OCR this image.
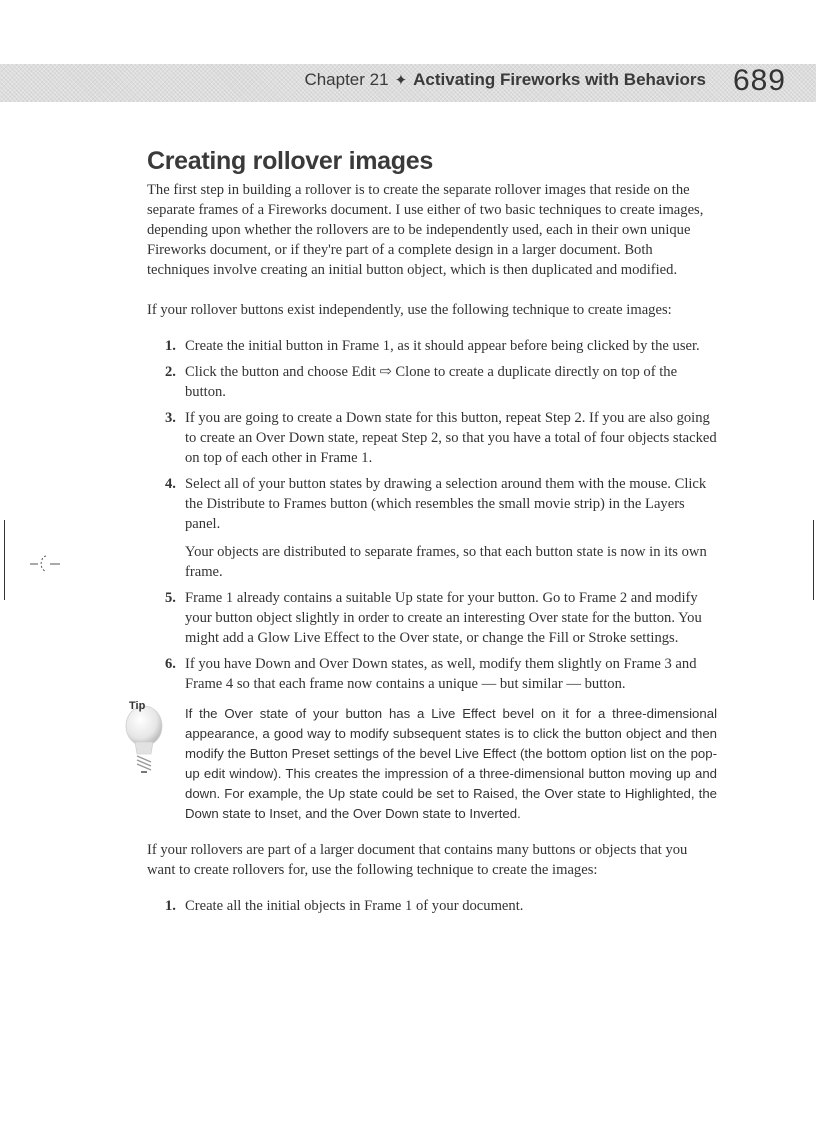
Chapter 21 ✦ Activating Fireworks with Behaviors 689
Creating rollover images

The first step in building a rollover is to create the separate rollover images that reside on the separate frames of a Fireworks document. I use either of two basic techniques to create images, depending upon whether the rollovers are to be independently used, each in their own unique Fireworks document, or if they're part of a complete design in a larger document. Both techniques involve creating an initial button object, which is then duplicated and modified.

If your rollover buttons exist independently, use the following technique to create images:

1. Create the initial button in Frame 1, as it should appear before being clicked by the user.
2. Click the button and choose Edit ⇨ Clone to create a duplicate directly on top of the button.
3. If you are going to create a Down state for this button, repeat Step 2. If you are also going to create an Over Down state, repeat Step 2, so that you have a total of four objects stacked on top of each other in Frame 1.
4. Select all of your button states by drawing a selection around them with the mouse. Click the Distribute to Frames button (which resembles the small movie strip) in the Layers panel.

Your objects are distributed to separate frames, so that each button state is now in its own frame.

5. Frame 1 already contains a suitable Up state for your button. Go to Frame 2 and modify your button object slightly in order to create an interesting Over state for the button. You might add a Glow Live Effect to the Over state, or change the Fill or Stroke settings.
6. If you have Down and Over Down states, as well, modify them slightly on Frame 3 and Frame 4 so that each frame now contains a unique — but similar — button.
Tip	If the Over state of your button has a Live Effect bevel on it for a three-dimensional appearance, a good way to modify subsequent states is to click the button object and then modify the Button Preset settings of the bevel Live Effect (the bottom option list on the pop-up edit window). This creates the impression of a three-dimensional button moving up and down. For example, the Up state could be set to Raised, the Over state to Highlighted, the Down state to Inset, and the Over Down state to Inverted.

If your rollovers are part of a larger document that contains many buttons or objects that you want to create rollovers for, use the following technique to create the images:

1. Create all the initial objects in Frame 1 of your document.
